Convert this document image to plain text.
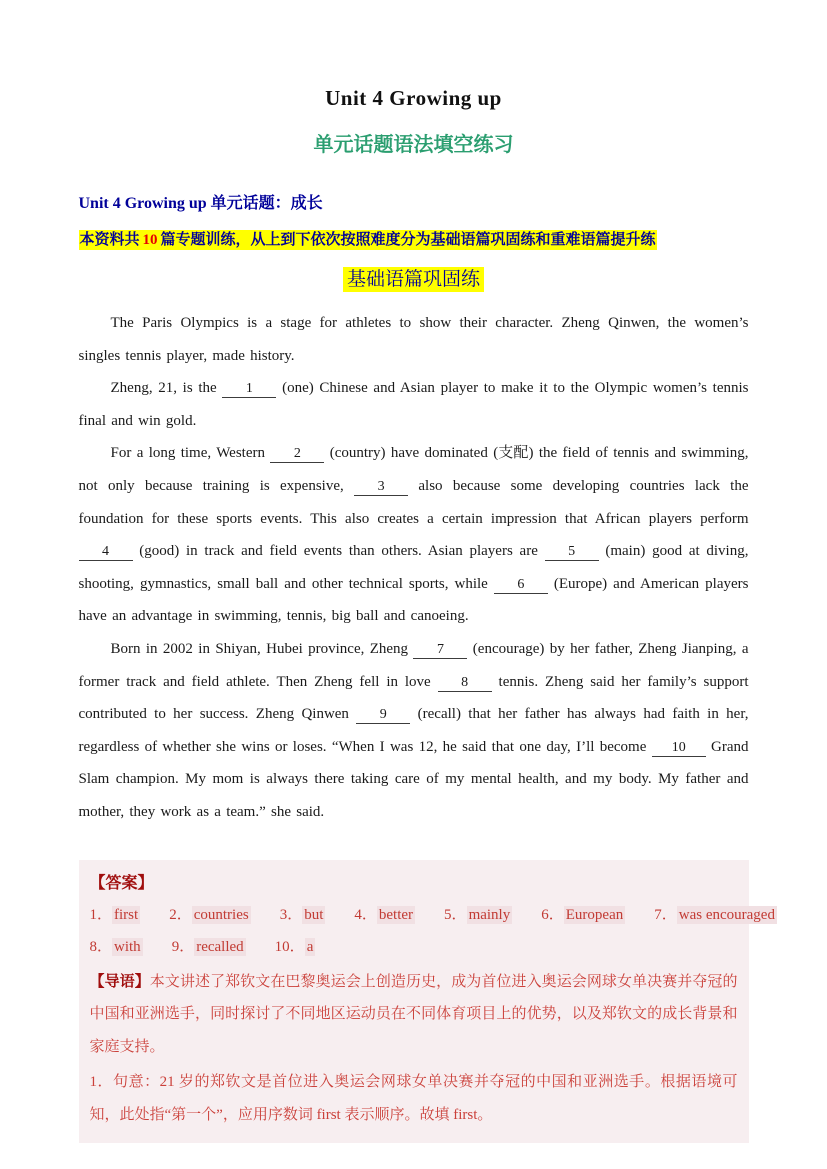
Unit 4 Growing up
单元话题语法填空练习
Unit 4 Growing up 单元话题：成长

本资料共 10 篇专题训练，从上到下依次按照难度分为基础语篇巩固练和重难语篇提升练

基础语篇巩固练

The Paris Olympics is a stage for athletes to show their character. Zheng Qinwen, the women’s singles tennis player, made history.

Zheng, 21, is the 1 (one) Chinese and Asian player to make it to the Olympic women’s tennis final and win gold.

For a long time, Western 2 (country) have dominated (支配) the field of tennis and swimming, not only because training is expensive, 3 also because some developing countries lack the foundation for these sports events. This also creates a certain impression that African players perform 4 (good) in track and field events than others. Asian players are 5 (main) good at diving, shooting, gymnastics, small ball and other technical sports, while 6 (Europe) and American players have an advantage in swimming, tennis, big ball and canoeing.

Born in 2002 in Shiyan, Hubei province, Zheng 7 (encourage) by her father, Zheng Jianping, a former track and field athlete. Then Zheng fell in love 8 tennis. Zheng said her family’s support contributed to her success. Zheng Qinwen 9 (recall) that her father has always had faith in her, regardless of whether she wins or loses. “When I was 12, he said that one day, I’ll become 10 Grand Slam champion. My mom is always there taking care of my mental health, and my body. My father and mother, they work as a team.” she said.

【答案】
1． first 2． countries 3． but 4． better 5． mainly 6． European 7． was encouraged
8． with 9． recalled 10． a

【导语】本文讲述了郑钦文在巴黎奥运会上创造历史，成为首位进入奥运会网球女单决赛并夺冠的中国和亚洲选手，同时探讨了不同地区运动员在不同体育项目上的优势，以及郑钦文的成长背景和家庭支持。

1．句意：21 岁的郑钦文是首位进入奥运会网球女单决赛并夺冠的中国和亚洲选手。根据语境可知，此处指“第一个”，应用序数词 first 表示顺序。故填 first。
